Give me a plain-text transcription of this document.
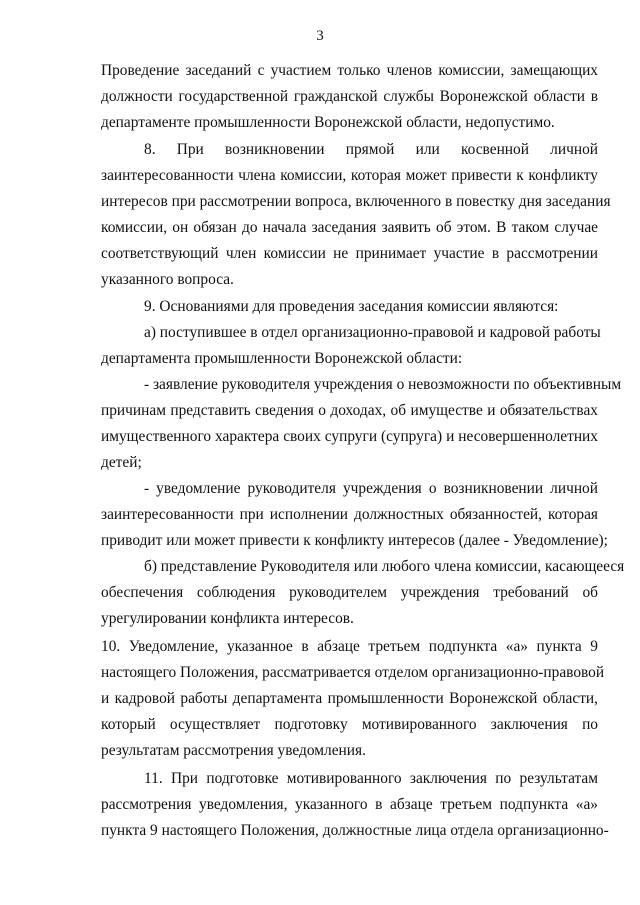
3
Проведение заседаний с участием только членов комиссии, замещающих
должности государственной гражданской службы Воронежской области в
департаменте промышленности Воронежской области, недопустимо.
8. При возникновении прямой или косвенной личной
заинтересованности члена комиссии, которая может привести к конфликту
интересов при рассмотрении вопроса, включенного в повестку дня заседания
комиссии, он обязан до начала заседания заявить об этом. В таком случае
соответствующий член комиссии не принимает участие в рассмотрении
указанного вопроса.
9. Основаниями для проведения заседания комиссии являются:
а) поступившее в отдел организационно-правовой и кадровой работы
департамента промышленности Воронежской области:
- заявление руководителя учреждения о невозможности по объективным
причинам представить сведения о доходах, об имуществе и обязательствах
имущественного характера своих супруги (супруга) и несовершеннолетних
детей;
- уведомление руководителя учреждения о возникновении личной
заинтересованности при исполнении должностных обязанностей, которая
приводит или может привести к конфликту интересов (далее - Уведомление);
б) представление Руководителя или любого члена комиссии, касающееся
обеспечения соблюдения руководителем учреждения требований об
урегулировании конфликта интересов.
10. Уведомление, указанное в абзаце третьем подпункта «а» пункта 9
настоящего Положения, рассматривается отделом организационно-правовой
и кадровой работы департамента промышленности Воронежской области,
который осуществляет подготовку мотивированного заключения по
результатам рассмотрения уведомления.
11. При подготовке мотивированного заключения по результатам
рассмотрения уведомления, указанного в абзаце третьем подпункта «а»
пункта 9 настоящего Положения, должностные лица отдела организационно-
